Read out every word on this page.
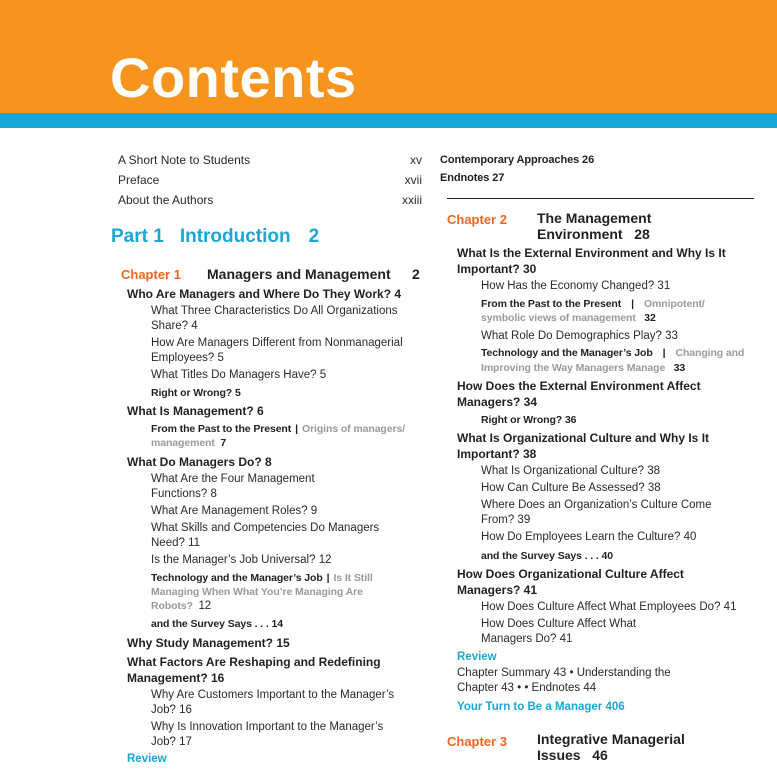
Contents
A Short Note to Students	xv
Preface	xvii
About the Authors	xxiii
Part 1 Introduction 2
Chapter 1 Managers and Management 2
Who Are Managers and Where Do They Work? 4
What Three Characteristics Do All Organizations
Share? 4
How Are Managers Different from Nonmanagerial
Employees? 5
What Titles Do Managers Have? 5
Right or Wrong? 5
What Is Management? 6
From the Past to the Present | Origins of managers/
management 7
What Do Managers Do? 8
What Are the Four Management
Functions? 8
What Are Management Roles? 9
What Skills and Competencies Do Managers
Need? 11
Is the Manager’s Job Universal? 12
Technology and the Manager’s Job | Is It Still
Managing When What You’re Managing Are
Robots? 12
and the Survey Says . . . 14
Why Study Management? 15
What Factors Are Reshaping and Redefining
Management? 16
Why Are Customers Important to the Manager’s
Job? 16
Why Is Innovation Important to the Manager’s
Job? 17
Review
Contemporary Approaches 26
Endnotes 27
Chapter 2 The Management
Environment 28
What Is the External Environment and Why Is It
Important? 30
How Has the Economy Changed? 31
From the Past to the Present | Omnipotent/
symbolic views of management 32
What Role Do Demographics Play? 33
Technology and the Manager’s Job | Changing and
Improving the Way Managers Manage 33
How Does the External Environment Affect
Managers? 34
Right or Wrong? 36
What Is Organizational Culture and Why Is It
Important? 38
What Is Organizational Culture? 38
How Can Culture Be Assessed? 38
Where Does an Organization’s Culture Come
From? 39
How Do Employees Learn the Culture? 40
and the Survey Says . . . 40
How Does Organizational Culture Affect
Managers? 41
How Does Culture Affect What Employees Do? 41
How Does Culture Affect What
Managers Do? 41
Review
Chapter Summary 43 • Understanding the
Chapter 43 • • Endnotes 44
Your Turn to Be a Manager 406
Chapter 3 Integrative Managerial
Issues 46
